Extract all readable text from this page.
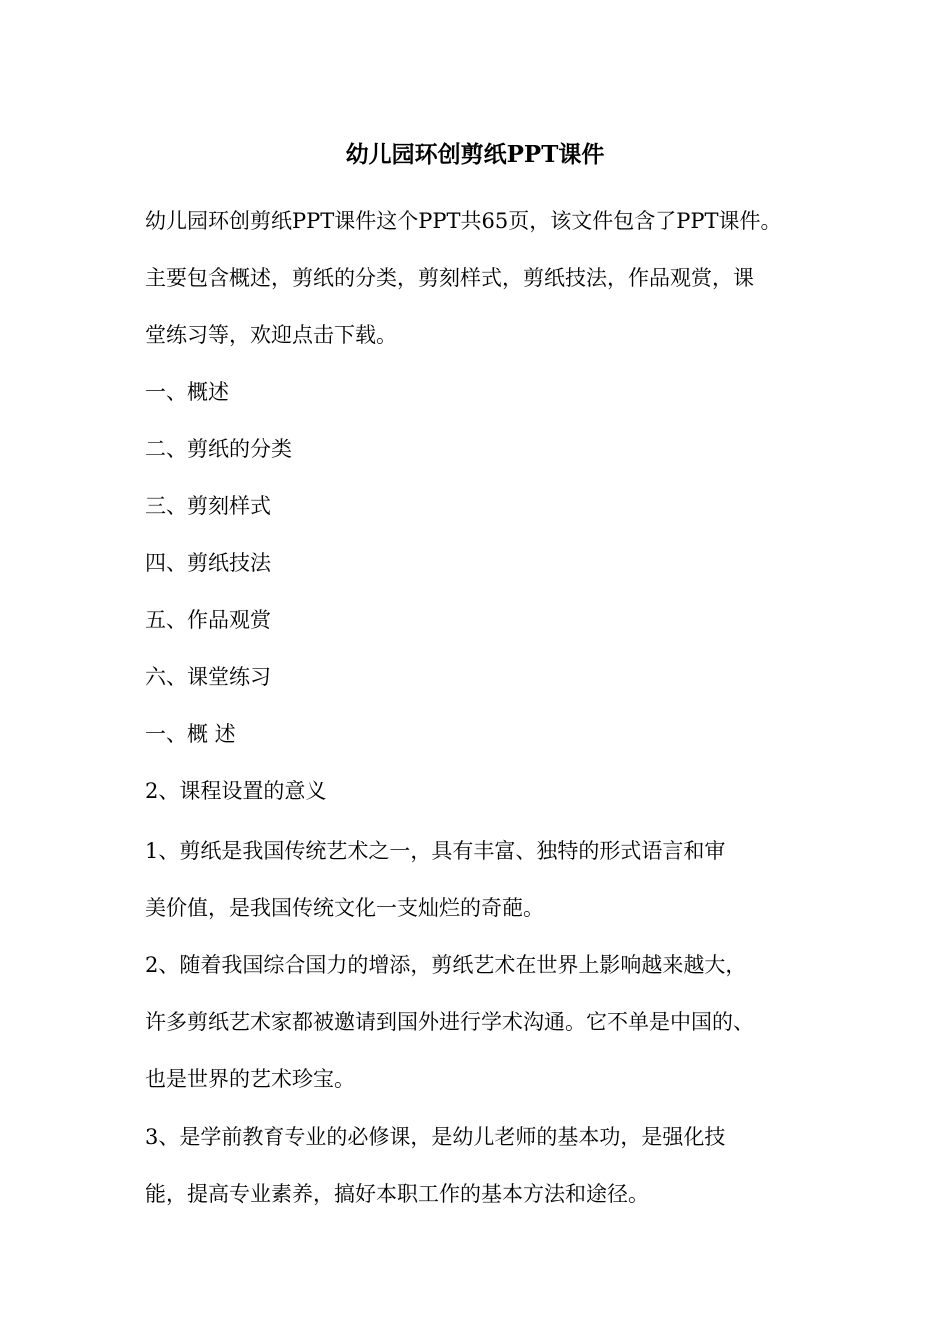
幼儿园环创剪纸PPT课件
幼儿园环创剪纸PPT课件这个PPT共65页，该文件包含了PPT课件。
主要包含概述，剪纸的分类，剪刻样式，剪纸技法，作品观赏，课
堂练习等，欢迎点击下载。
一、概述
二、剪纸的分类
三、剪刻样式
四、剪纸技法
五、作品观赏
六、课堂练习
一、概 述
2、课程设置的意义
1、剪纸是我国传统艺术之一，具有丰富、独特的形式语言和审
美价值，是我国传统文化一支灿烂的奇葩。
2、随着我国综合国力的增添，剪纸艺术在世界上影响越来越大，
许多剪纸艺术家都被邀请到国外进行学术沟通。它不单是中国的、
也是世界的艺术珍宝。
3、是学前教育专业的必修课，是幼儿老师的基本功，是强化技
能，提高专业素养，搞好本职工作的基本方法和途径。
